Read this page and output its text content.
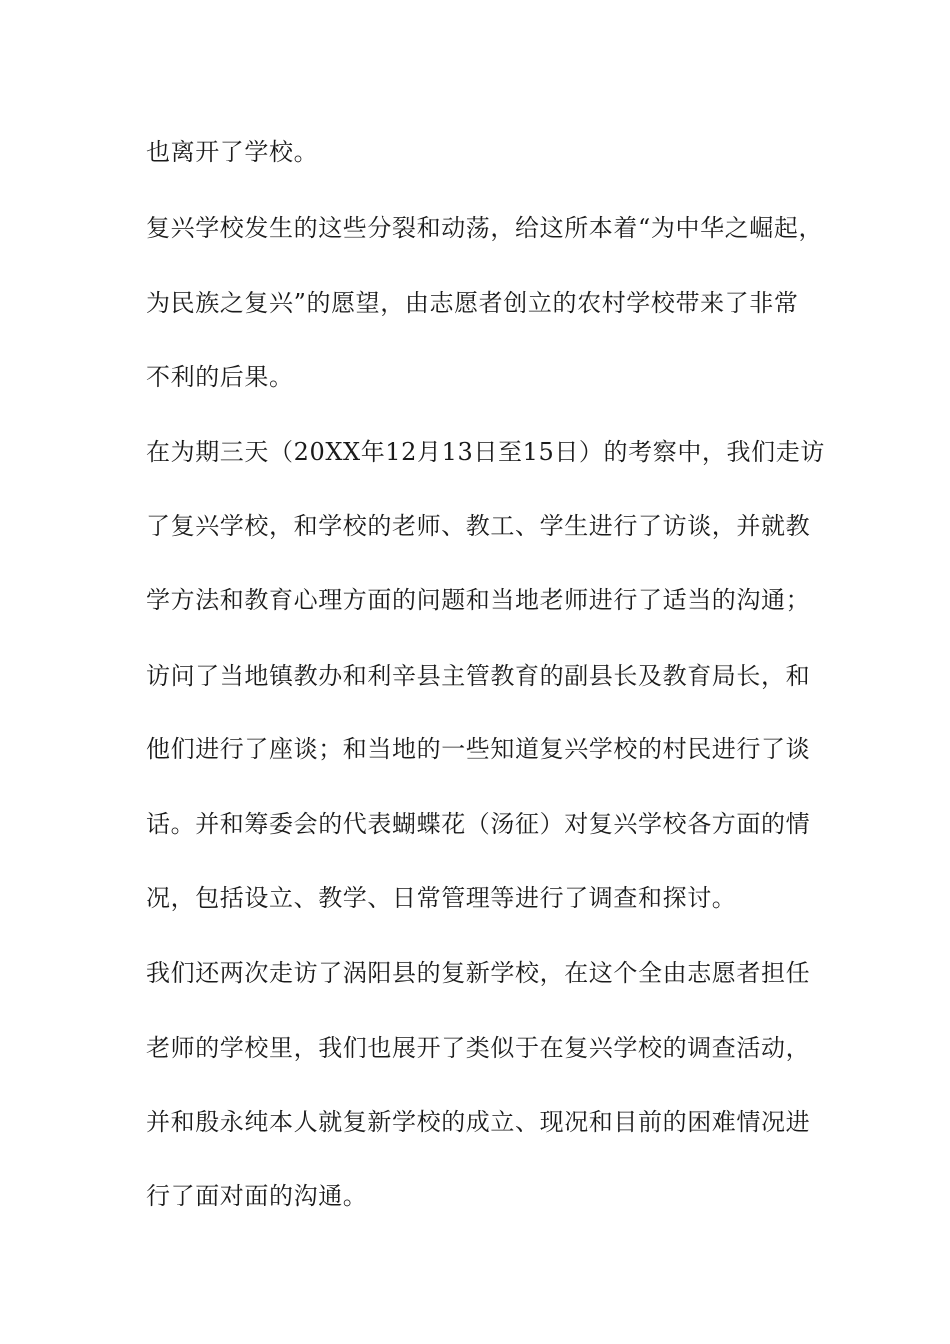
也离开了学校。
复兴学校发生的这些分裂和动荡，给这所本着“为中华之崛起，
为民族之复兴”的愿望，由志愿者创立的农村学校带来了非常
不利的后果。
在为期三天（20XX年12月13日至15日）的考察中，我们走访
了复兴学校，和学校的老师、教工、学生进行了访谈，并就教
学方法和教育心理方面的问题和当地老师进行了适当的沟通；
访问了当地镇教办和利辛县主管教育的副县长及教育局长，和
他们进行了座谈；和当地的一些知道复兴学校的村民进行了谈
话。并和筹委会的代表蝴蝶花（汤征）对复兴学校各方面的情
况，包括设立、教学、日常管理等进行了调查和探讨。
我们还两次走访了涡阳县的复新学校，在这个全由志愿者担任
老师的学校里，我们也展开了类似于在复兴学校的调查活动，
并和殷永纯本人就复新学校的成立、现况和目前的困难情况进
行了面对面的沟通。
